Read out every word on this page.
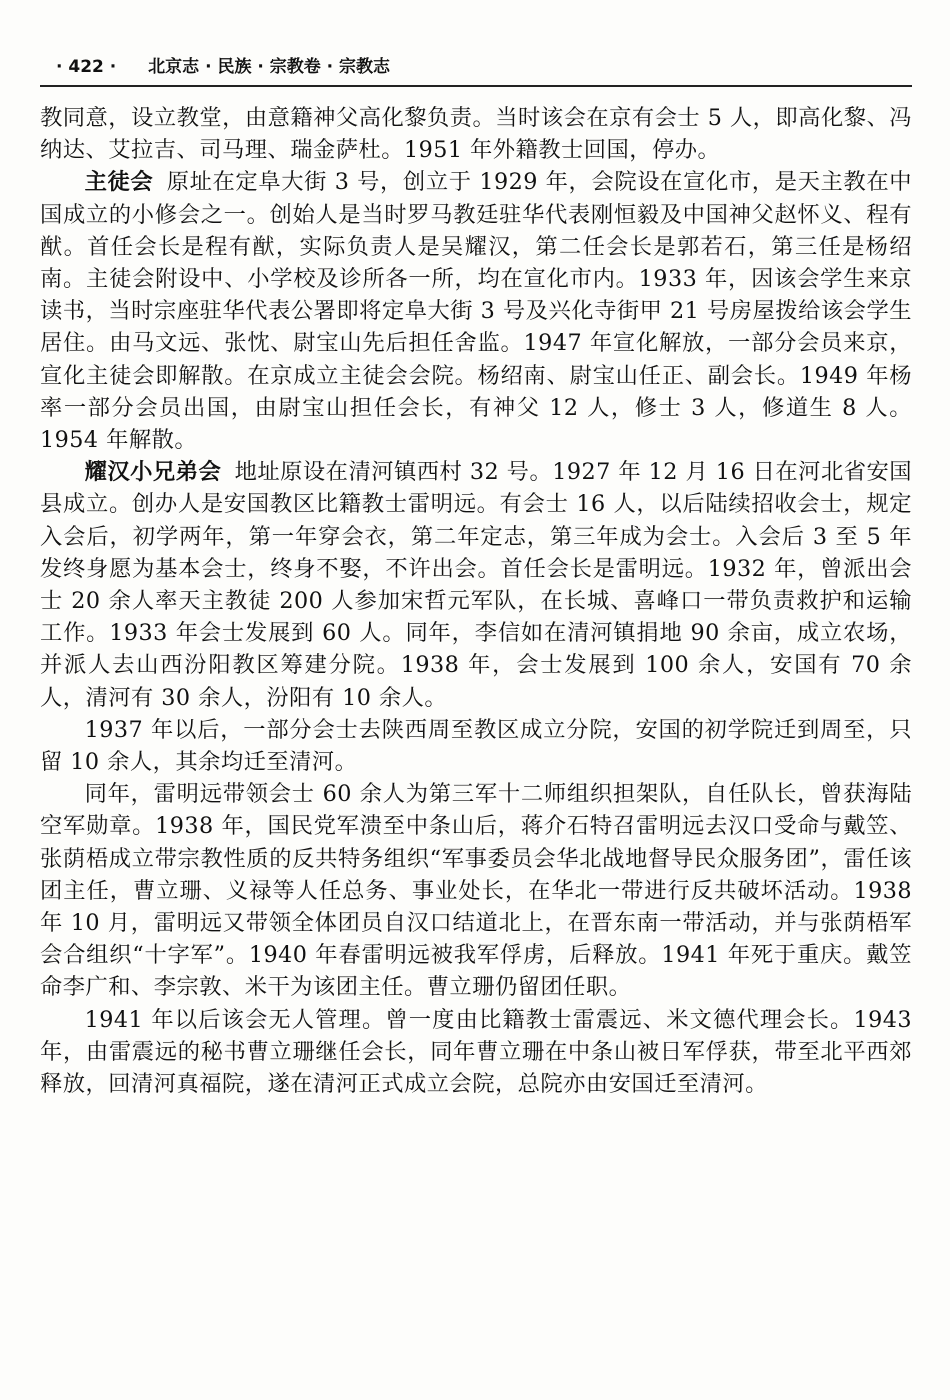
· 422 · 北京志 · 民族 · 宗教卷 · 宗教志

教同意，设立教堂，由意籍神父高化黎负责。当时该会在京有会士 5 人，即高化黎、冯纳达、艾拉吉、司马理、瑞金萨杜。1951 年外籍教士回国，停办。

主徒会 原址在定阜大街 3 号，创立于 1929 年，会院设在宣化市，是天主教在中国成立的小修会之一。创始人是当时罗马教廷驻华代表刚恒毅及中国神父赵怀义、程有猷。首任会长是程有猷，实际负责人是吴耀汉，第二任会长是郭若石，第三任是杨绍南。主徒会附设中、小学校及诊所各一所，均在宣化市内。1933 年，因该会学生来京读书，当时宗座驻华代表公署即将定阜大街 3 号及兴化寺街甲 21 号房屋拨给该会学生居住。由马文远、张忱、尉宝山先后担任舍监。1947 年宣化解放，一部分会员来京，宣化主徒会即解散。在京成立主徒会会院。杨绍南、尉宝山任正、副会长。1949 年杨率一部分会员出国，由尉宝山担任会长，有神父 12 人，修士 3 人，修道生 8 人。1954 年解散。

耀汉小兄弟会 地址原设在清河镇西村 32 号。1927 年 12 月 16 日在河北省安国县成立。创办人是安国教区比籍教士雷明远。有会士 16 人，以后陆续招收会士，规定入会后，初学两年，第一年穿会衣，第二年定志，第三年成为会士。入会后 3 至 5 年发终身愿为基本会士，终身不娶，不许出会。首任会长是雷明远。1932 年，曾派出会士 20 余人率天主教徒 200 人参加宋哲元军队，在长城、喜峰口一带负责救护和运输工作。1933 年会士发展到 60 人。同年，李信如在清河镇捐地 90 余亩，成立农场，并派人去山西汾阳教区筹建分院。1938 年，会士发展到 100 余人，安国有 70 余人，清河有 30 余人，汾阳有 10 余人。

1937 年以后，一部分会士去陕西周至教区成立分院，安国的初学院迁到周至，只留 10 余人，其余均迁至清河。

同年，雷明远带领会士 60 余人为第三军十二师组织担架队，自任队长，曾获海陆空军勋章。1938 年，国民党军溃至中条山后，蒋介石特召雷明远去汉口受命与戴笠、张荫梧成立带宗教性质的反共特务组织“军事委员会华北战地督导民众服务团”，雷任该团主任，曹立珊、义禄等人任总务、事业处长，在华北一带进行反共破坏活动。1938 年 10 月，雷明远又带领全体团员自汉口结道北上，在晋东南一带活动，并与张荫梧军会合组织“十字军”。1940 年春雷明远被我军俘虏，后释放。1941 年死于重庆。戴笠命李广和、李宗敦、米干为该团主任。曹立珊仍留团任职。

1941 年以后该会无人管理。曾一度由比籍教士雷震远、米文德代理会长。1943 年，由雷震远的秘书曹立珊继任会长，同年曹立珊在中条山被日军俘获，带至北平西郊释放，回清河真福院，遂在清河正式成立会院，总院亦由安国迁至清河。
